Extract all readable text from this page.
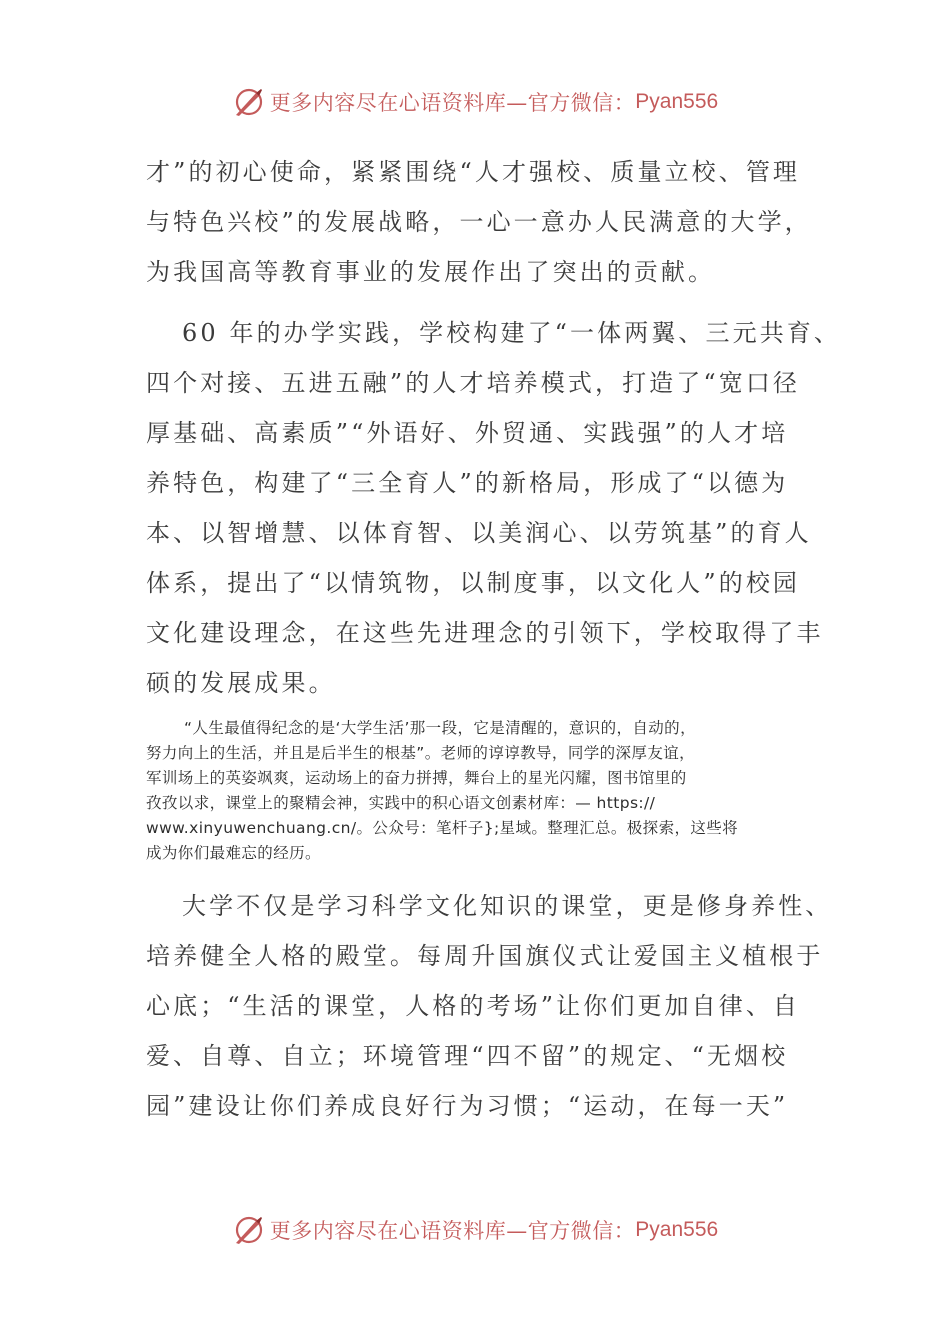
更多内容尽在心语资料库—官方微信： Pyan556
才”的初心使命，紧紧围绕“人才强校、质量立校、管理
与特色兴校”的发展战略，一心一意办人民满意的大学，
为我国高等教育事业的发展作出了突出的贡献。
60 年的办学实践，学校构建了“一体两翼、三元共育、
四个对接、五进五融”的人才培养模式，打造了“宽口径
厚基础、高素质”“外语好、外贸通、实践强”的人才培
养特色，构建了“三全育人”的新格局，形成了“以德为
本、以智增慧、以体育智、以美润心、以劳筑基”的育人
体系，提出了“以情筑物，以制度事，以文化人”的校园
文化建设理念，在这些先进理念的引领下，学校取得了丰
硕的发展成果。
“人生最值得纪念的是‘大学生活’那一段，它是清醒的，意识的，自动的，
努力向上的生活，并且是后半生的根基”。老师的谆谆教导，同学的深厚友谊，
军训场上的英姿飒爽，运动场上的奋力拼搏，舞台上的星光闪耀，图书馆里的
孜孜以求，课堂上的聚精会神，实践中的积心语文创素材库：— https://
www.xinyuwenchuang.cn/。公众号：笔杆子};星域。整理汇总。极探索，这些将
成为你们最难忘的经历。
大学不仅是学习科学文化知识的课堂，更是修身养性、
培养健全人格的殿堂。每周升国旗仪式让爱国主义植根于
心底；“生活的课堂，人格的考场”让你们更加自律、自
爱、自尊、自立；环境管理“四不留”的规定、“无烟校
园”建设让你们养成良好行为习惯；“运动，在每一天”
更多内容尽在心语资料库—官方微信： Pyan556
